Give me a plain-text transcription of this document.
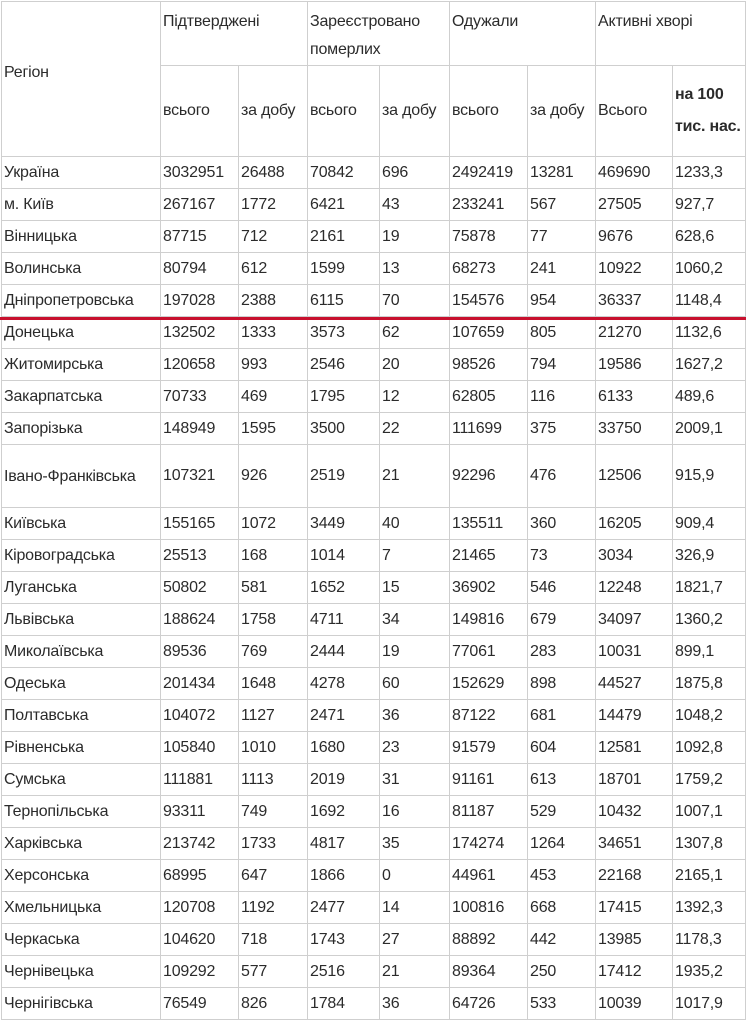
Регіон	Підтверджені		Зареєстровано померлих		Одужали		Активні хворі	
	всього	за добу	всього	за добу	всього	за добу	Всього	на 100 тис. нас.
Україна	3032951	26488	70842	696	2492419	13281	469690	1233,3
м. Київ	267167	1772	6421	43	233241	567	27505	927,7
Вінницька	87715	712	2161	19	75878	77	9676	628,6
Волинська	80794	612	1599	13	68273	241	10922	1060,2
Дніпропетровська	197028	2388	6115	70	154576	954	36337	1148,4
Донецька	132502	1333	3573	62	107659	805	21270	1132,6
Житомирська	120658	993	2546	20	98526	794	19586	1627,2
Закарпатська	70733	469	1795	12	62805	116	6133	489,6
Запорізька	148949	1595	3500	22	111699	375	33750	2009,1
Івано-Франківська	107321	926	2519	21	92296	476	12506	915,9
Київська	155165	1072	3449	40	135511	360	16205	909,4
Кіровоградська	25513	168	1014	7	21465	73	3034	326,9
Луганська	50802	581	1652	15	36902	546	12248	1821,7
Львівська	188624	1758	4711	34	149816	679	34097	1360,2
Миколаївська	89536	769	2444	19	77061	283	10031	899,1
Одеська	201434	1648	4278	60	152629	898	44527	1875,8
Полтавська	104072	1127	2471	36	87122	681	14479	1048,2
Рівненська	105840	1010	1680	23	91579	604	12581	1092,8
Сумська	111881	1113	2019	31	91161	613	18701	1759,2
Тернопільська	93311	749	1692	16	81187	529	10432	1007,1
Харківська	213742	1733	4817	35	174274	1264	34651	1307,8
Херсонська	68995	647	1866	0	44961	453	22168	2165,1
Хмельницька	120708	1192	2477	14	100816	668	17415	1392,3
Черкаська	104620	718	1743	27	88892	442	13985	1178,3
Чернівецька	109292	577	2516	21	89364	250	17412	1935,2
Чернігівська	76549	826	1784	36	64726	533	10039	1017,9
